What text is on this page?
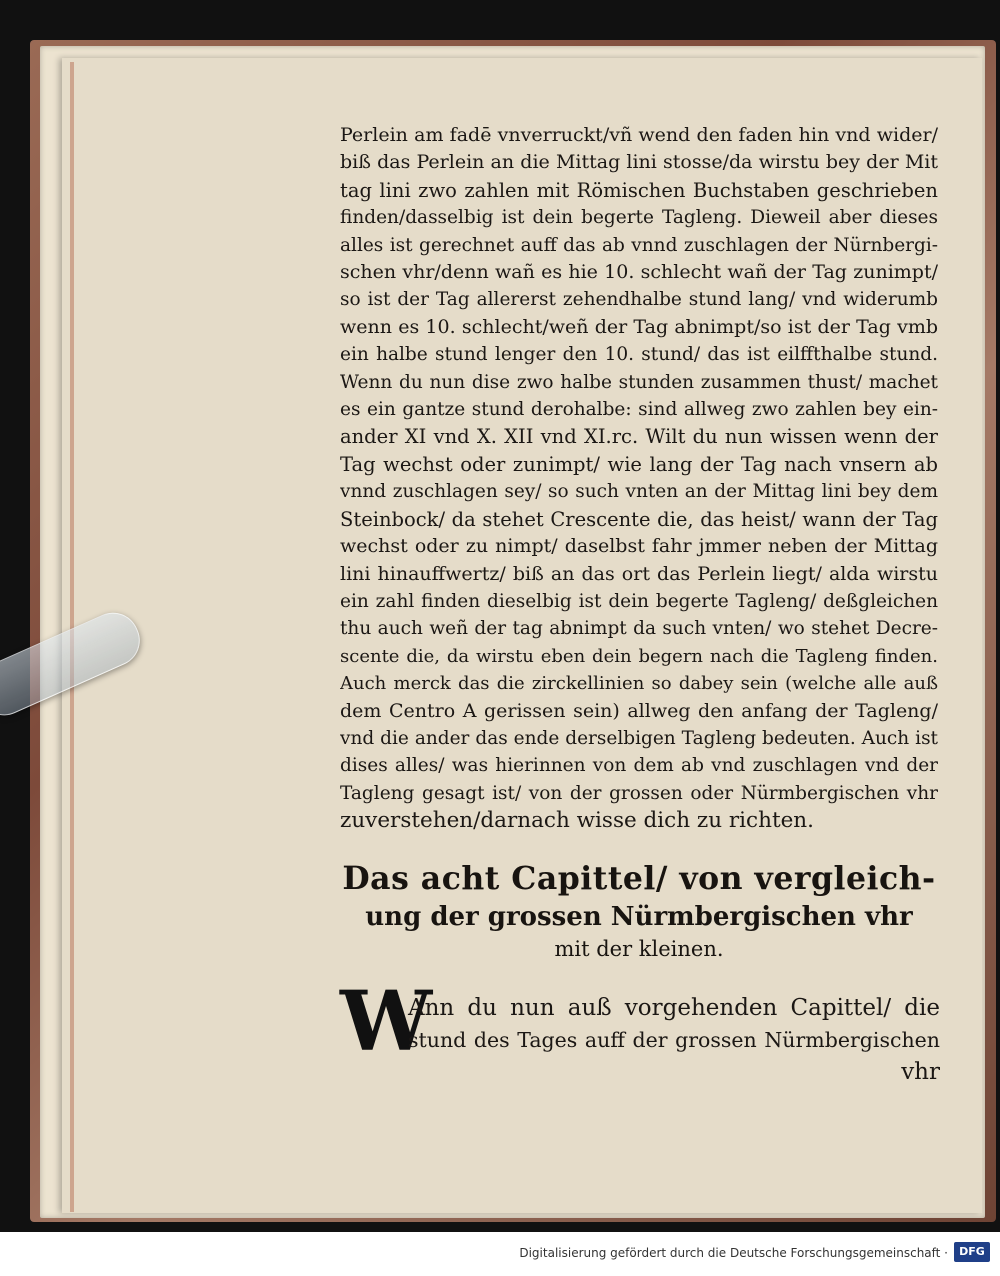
Perlein am fadē vnverruckt/vñ wend den faden hin vnd wider/
biß das Perlein an die Mittag lini stosse/da wirstu bey der Mit
tag lini zwo zahlen mit Römischen Buchstaben geschrieben
finden/dasselbig ist dein begerte Tagleng. Dieweil aber dieses
alles ist gerechnet auff das ab vnnd zuschlagen der Nürnbergi-
schen vhr/denn wañ es hie 10. schlecht wañ der Tag zunimpt/
so ist der Tag allererst zehendhalbe stund lang/ vnd widerumb
wenn es 10. schlecht/weñ der Tag abnimpt/so ist der Tag vmb
ein halbe stund lenger den 10. stund/ das ist eilffthalbe stund.
Wenn du nun dise zwo halbe stunden zusammen thust/ machet
es ein gantze stund derohalbe: sind allweg zwo zahlen bey ein-
ander XI vnd X. XII vnd XI.rc. Wilt du nun wissen wenn der
Tag wechst oder zunimpt/ wie lang der Tag nach vnsern ab
vnnd zuschlagen sey/ so such vnten an der Mittag lini bey dem
Steinbock/ da stehet Crescente die, das heist/ wann der Tag
wechst oder zu nimpt/ daselbst fahr jmmer neben der Mittag
lini hinauffwertz/ biß an das ort das Perlein liegt/ alda wirstu
ein zahl finden dieselbig ist dein begerte Tagleng/ deßgleichen
thu auch weñ der tag abnimpt da such vnten/ wo stehet Decre-
scente die, da wirstu eben dein begern nach die Tagleng finden.
Auch merck das die zirckellinien so dabey sein (welche alle auß
dem Centro A gerissen sein) allweg den anfang der Tagleng/
vnd die ander das ende derselbigen Tagleng bedeuten. Auch ist
dises alles/ was hierinnen von dem ab vnd zuschlagen vnd der
Tagleng gesagt ist/ von der grossen oder Nürmbergischen vhr
zuverstehen/darnach wisse dich zu richten.
Das acht Capittel/ von vergleich-
ung der grossen Nürmbergischen vhr
mit der kleinen.
W
Ann du nun auß vorgehenden Capittel/ die
stund des Tages auff der grossen Nürmbergischen
vhr
Digitalisierung gefördert durch die Deutsche Forschungsgemeinschaft ·	DFG
